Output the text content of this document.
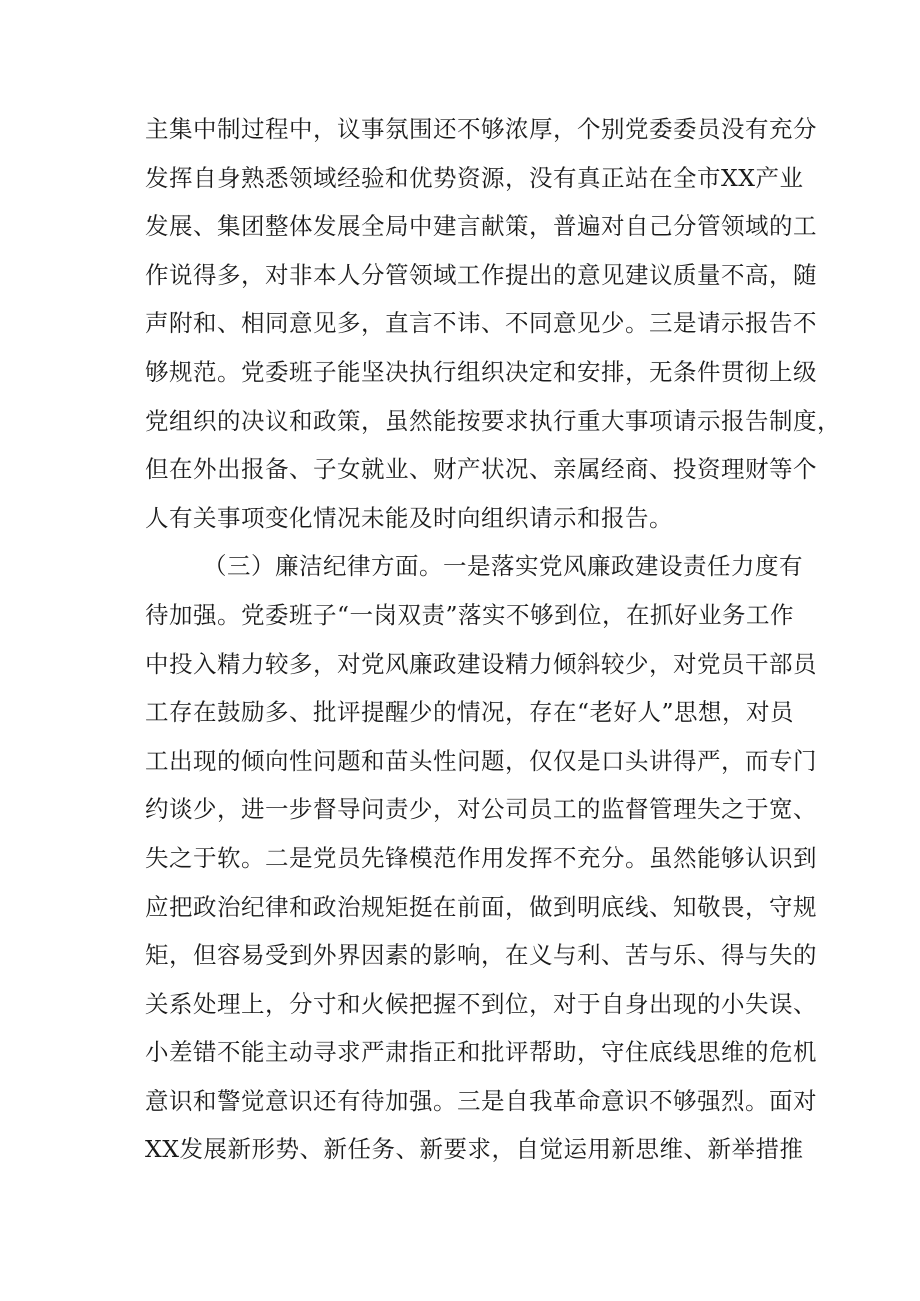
主集中制过程中，议事氛围还不够浓厚，个别党委委员没有充分
发挥自身熟悉领域经验和优势资源，没有真正站在全市XX产业
发展、集团整体发展全局中建言献策，普遍对自己分管领域的工
作说得多，对非本人分管领域工作提出的意见建议质量不高，随
声附和、相同意见多，直言不讳、不同意见少。三是请示报告不
够规范。党委班子能坚决执行组织决定和安排，无条件贯彻上级
党组织的决议和政策，虽然能按要求执行重大事项请示报告制度，
但在外出报备、子女就业、财产状况、亲属经商、投资理财等个
人有关事项变化情况未能及时向组织请示和报告。
（三）廉洁纪律方面。一是落实党风廉政建设责任力度有
待加强。党委班子“一岗双责”落实不够到位，在抓好业务工作
中投入精力较多，对党风廉政建设精力倾斜较少，对党员干部员
工存在鼓励多、批评提醒少的情况，存在“老好人”思想，对员
工出现的倾向性问题和苗头性问题，仅仅是口头讲得严，而专门
约谈少，进一步督导问责少，对公司员工的监督管理失之于宽、
失之于软。二是党员先锋模范作用发挥不充分。虽然能够认识到
应把政治纪律和政治规矩挺在前面，做到明底线、知敬畏，守规
矩，但容易受到外界因素的影响，在义与利、苦与乐、得与失的
关系处理上，分寸和火候把握不到位，对于自身出现的小失误、
小差错不能主动寻求严肃指正和批评帮助，守住底线思维的危机
意识和警觉意识还有待加强。三是自我革命意识不够强烈。面对
XX发展新形势、新任务、新要求，自觉运用新思维、新举措推
